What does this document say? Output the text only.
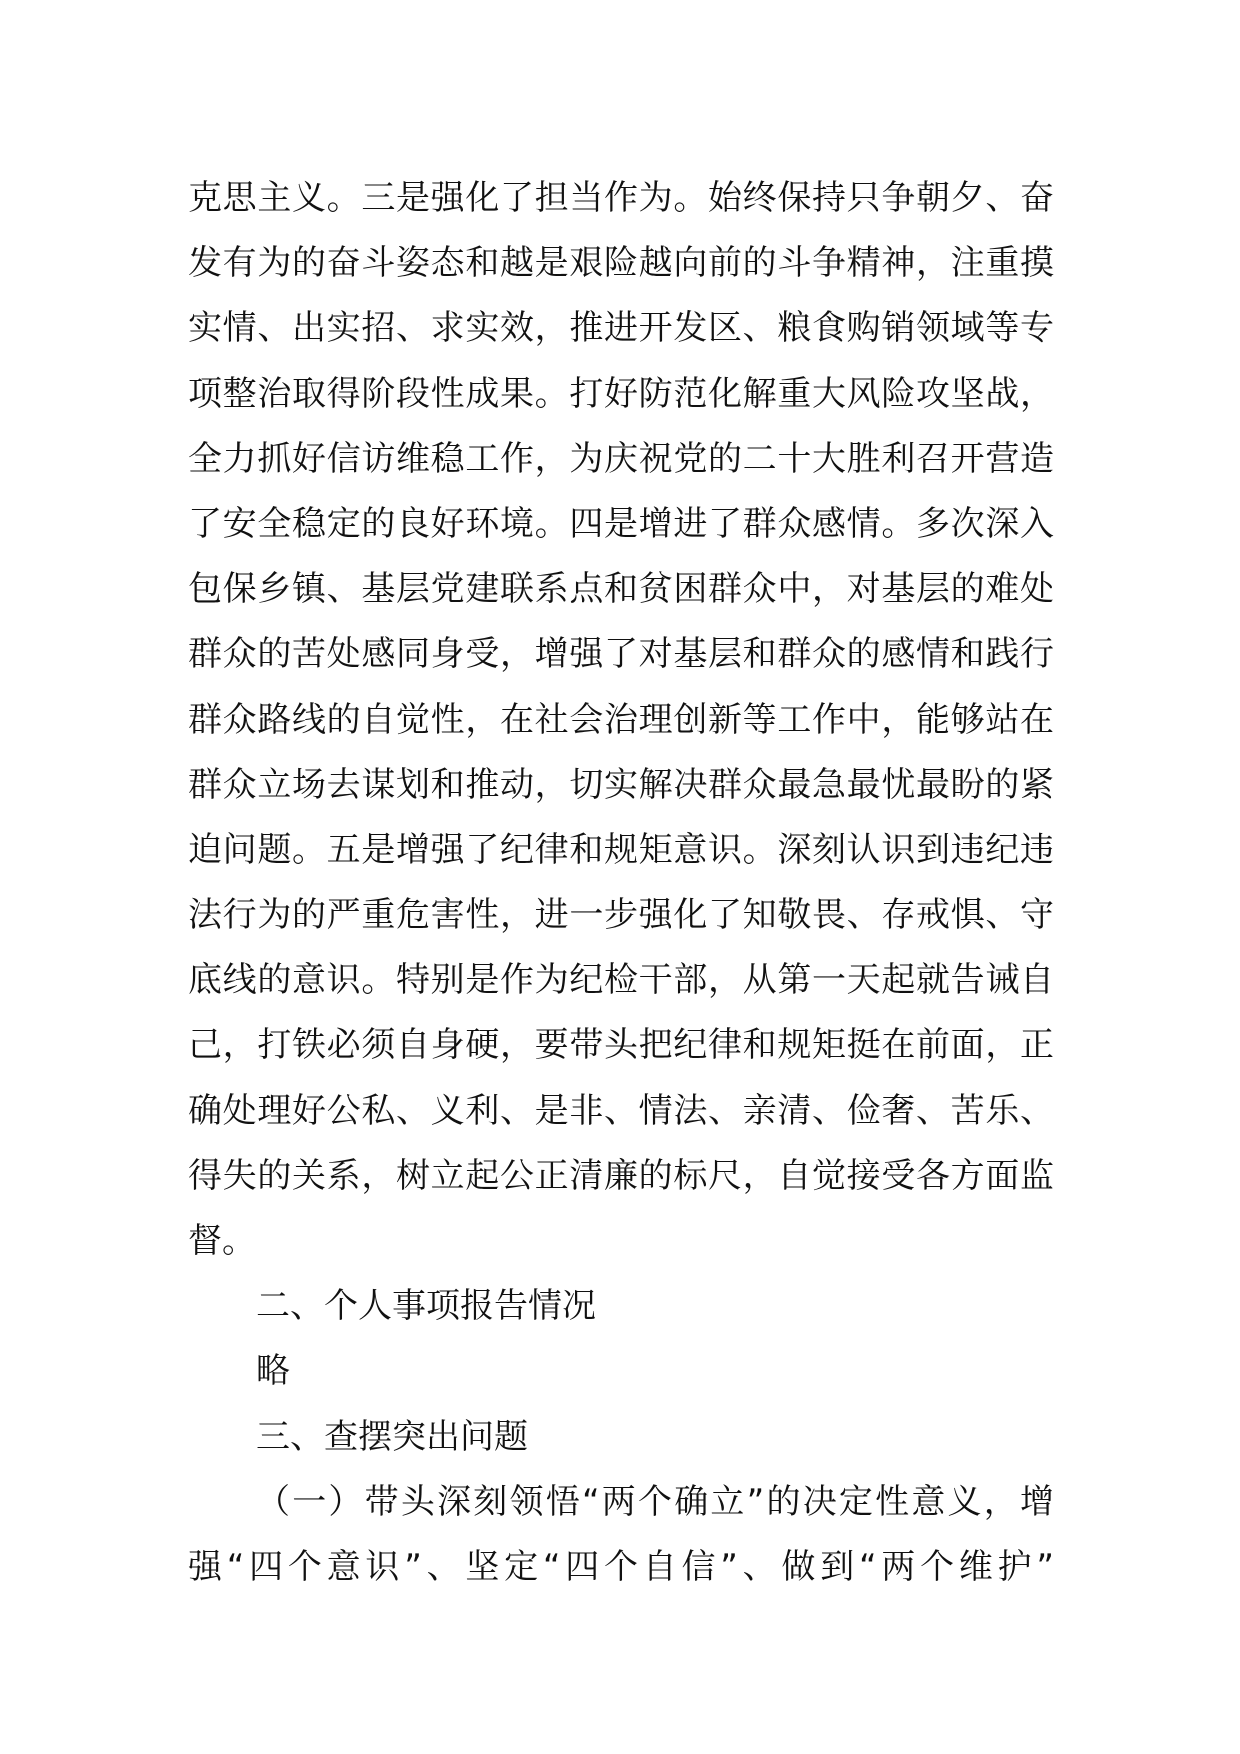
克思主义。三是强化了担当作为。始终保持只争朝夕、奋
发有为的奋斗姿态和越是艰险越向前的斗争精神，注重摸
实情、出实招、求实效，推进开发区、粮食购销领域等专
项整治取得阶段性成果。打好防范化解重大风险攻坚战，
全力抓好信访维稳工作，为庆祝党的二十大胜利召开营造
了安全稳定的良好环境。四是增进了群众感情。多次深入
包保乡镇、基层党建联系点和贫困群众中，对基层的难处
群众的苦处感同身受，增强了对基层和群众的感情和践行
群众路线的自觉性，在社会治理创新等工作中，能够站在
群众立场去谋划和推动，切实解决群众最急最忧最盼的紧
迫问题。五是增强了纪律和规矩意识。深刻认识到违纪违
法行为的严重危害性，进一步强化了知敬畏、存戒惧、守
底线的意识。特别是作为纪检干部，从第一天起就告诫自
己，打铁必须自身硬，要带头把纪律和规矩挺在前面，正
确处理好公私、义利、是非、情法、亲清、俭奢、苦乐、
得失的关系，树立起公正清廉的标尺，自觉接受各方面监
督。
二、个人事项报告情况
略
三、查摆突出问题
（一）带头深刻领悟“两个确立”的决定性意义，增
强“四个意识”、坚定“四个自信”、做到“两个维护”
